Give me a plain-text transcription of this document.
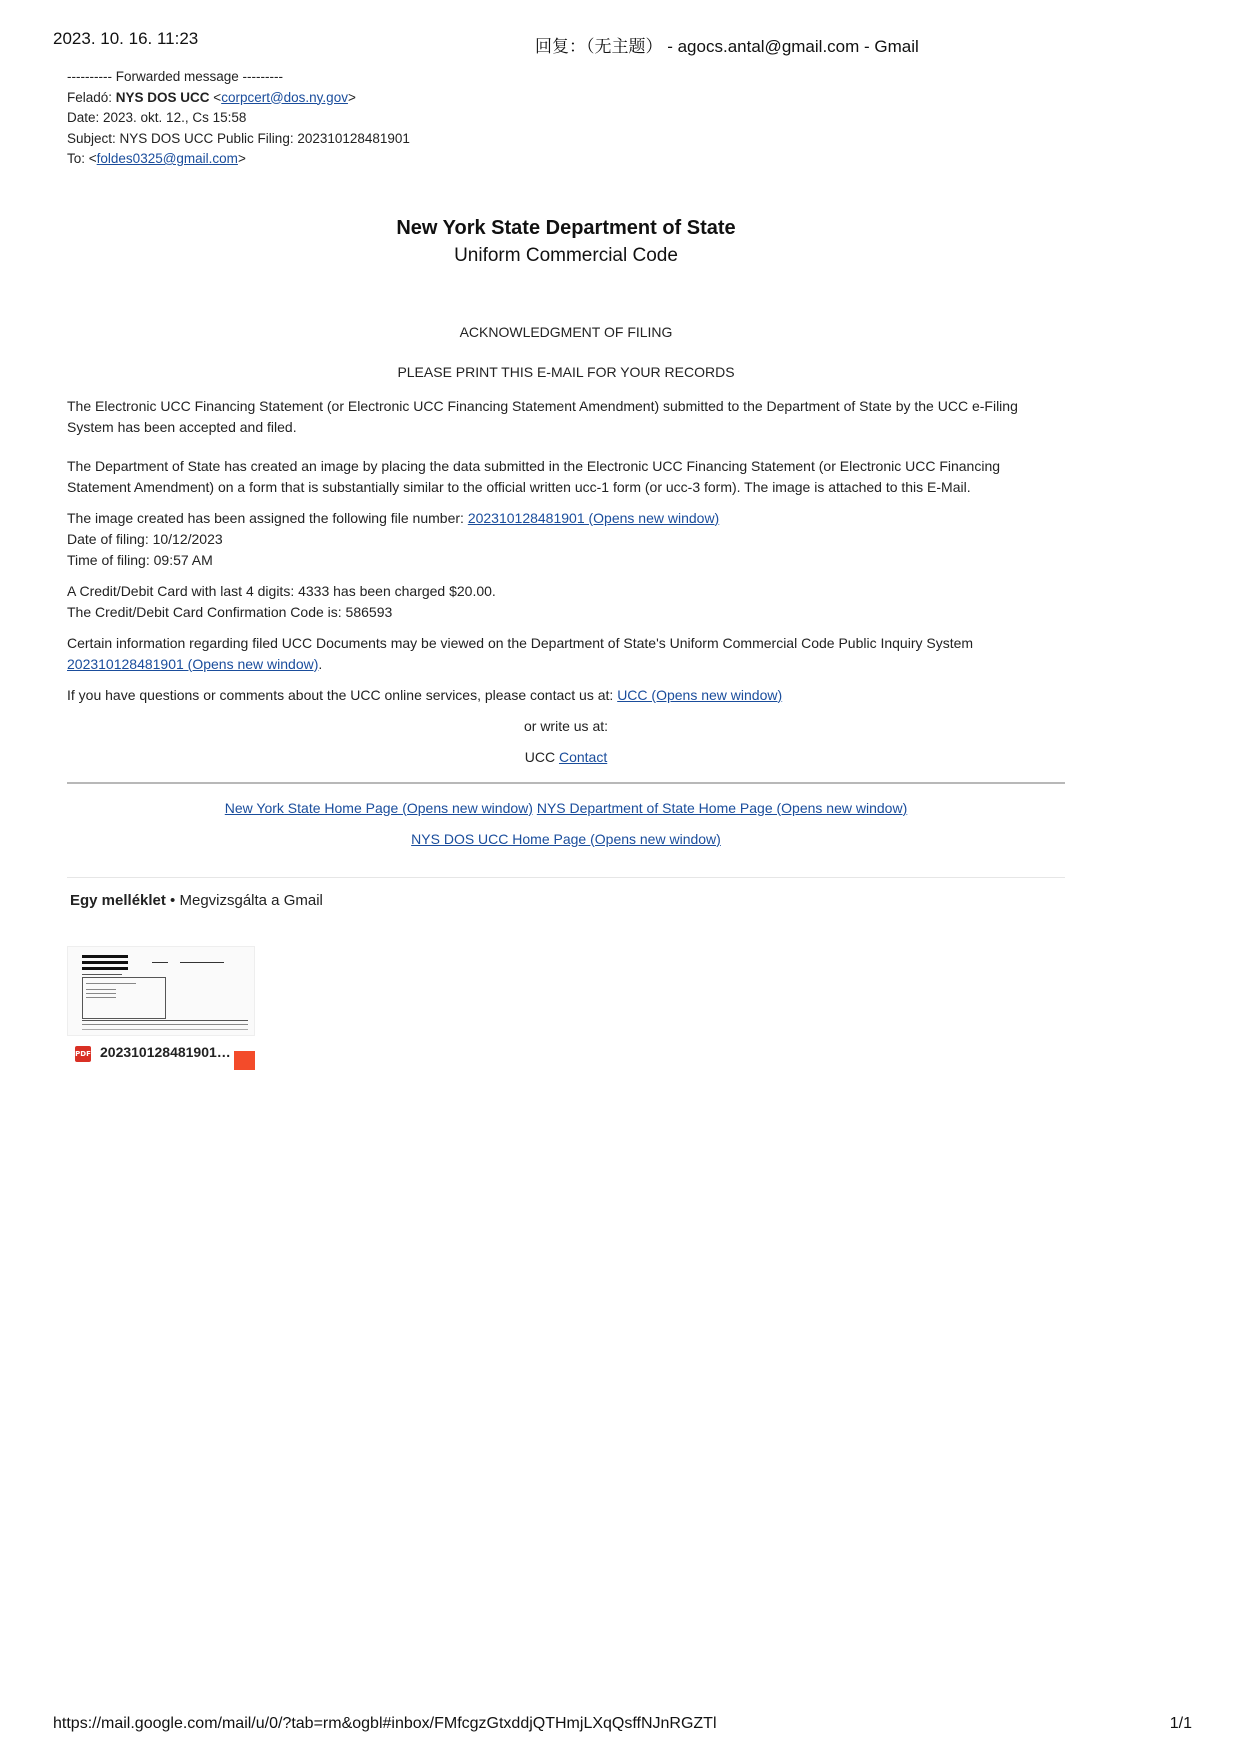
2023. 10. 16. 11:23	回复：（无主题） - agocs.antal@gmail.com - Gmail
---------- Forwarded message ---------
Feladó: NYS DOS UCC <corpcert@dos.ny.gov>
Date: 2023. okt. 12., Cs 15:58
Subject: NYS DOS UCC Public Filing: 202310128481901
To: <foldes0325@gmail.com>
New York State Department of State
Uniform Commercial Code
ACKNOWLEDGMENT OF FILING
PLEASE PRINT THIS E-MAIL FOR YOUR RECORDS

The Electronic UCC Financing Statement (or Electronic UCC Financing Statement Amendment) submitted to the Department of State by the UCC e-Filing System has been accepted and filed.

The Department of State has created an image by placing the data submitted in the Electronic UCC Financing Statement (or Electronic UCC Financing Statement Amendment) on a form that is substantially similar to the official written ucc-1 form (or ucc-3 form). The image is attached to this E-Mail.

The image created has been assigned the following file number: 202310128481901 (Opens new window)

Date of filing: 10/12/2023

Time of filing: 09:57 AM

A Credit/Debit Card with last 4 digits: 4333 has been charged $20.00.

The Credit/Debit Card Confirmation Code is: 586593

Certain information regarding filed UCC Documents may be viewed on the Department of State's Uniform Commercial Code Public Inquiry System 202310128481901 (Opens new window).

If you have questions or comments about the UCC online services, please contact us at: UCC (Opens new window)

or write us at:

UCC Contact

New York State Home Page (Opens new window) NYS Department of State Home Page (Opens new window)

NYS DOS UCC Home Page (Opens new window)

Egy melléklet • Megvizsgálta a Gmail
PDF 202310128481901…
https://mail.google.com/mail/u/0/?tab=rm&ogbl#inbox/FMfcgzGtxddjQTHmjLXqQsffNJnRGZTl	1/1
